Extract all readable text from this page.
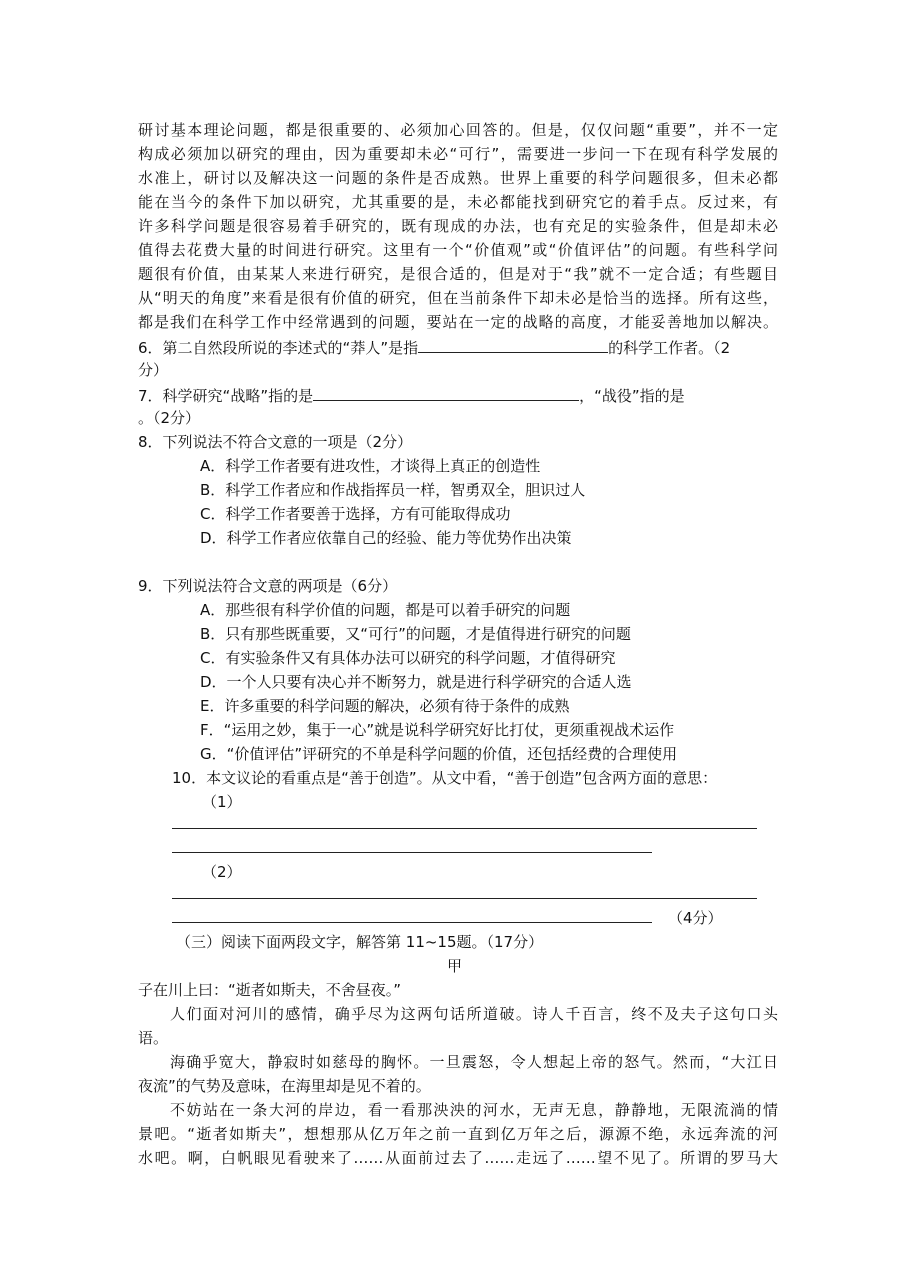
研讨基本理论问题，都是很重要的、必须加心回答的。但是，仅仅问题“重要”，并不一定
构成必须加以研究的理由，因为重要却未必“可行”，需要进一步问一下在现有科学发展的
水准上，研讨以及解决这一问题的条件是否成熟。世界上重要的科学问题很多，但未必都
能在当今的条件下加以研究，尤其重要的是，未必都能找到研究它的着手点。反过来，有
许多科学问题是很容易着手研究的，既有现成的办法，也有充足的实验条件，但是却未必
值得去花费大量的时间进行研究。这里有一个“价值观”或“价值评估”的问题。有些科学问
题很有价值，由某某人来进行研究，是很合适的，但是对于“我”就不一定合适；有些题目
从“明天的角度”来看是很有价值的研究，但在当前条件下却未必是恰当的选择。所有这些，
都是我们在科学工作中经常遇到的问题，要站在一定的战略的高度，才能妥善地加以解决。
6．第二自然段所说的李述式的“莽人”是指	的科学工作者。（2
分）
7．科学研究“战略”指的是	，“战役”指的是
。（2分）
8．下列说法不符合文意的一项是（2分）
A．科学工作者要有进攻性，才谈得上真正的创造性
B．科学工作者应和作战指挥员一样，智勇双全，胆识过人
C．科学工作者要善于选择，方有可能取得成功
D．科学工作者应依靠自己的经验、能力等优势作出决策
9．下列说法符合文意的两项是（6分）
A．那些很有科学价值的问题，都是可以着手研究的问题
B．只有那些既重要，又“可行”的问题，才是值得进行研究的问题
C．有实验条件又有具体办法可以研究的科学问题，才值得研究
D．一个人只要有决心并不断努力，就是进行科学研究的合适人选
E．许多重要的科学问题的解决，必须有待于条件的成熟
F．“运用之妙，集于一心”就是说科学研究好比打仗，更须重视战术运作
G．“价值评估”评研究的不单是科学问题的价值，还包括经费的合理使用
10．本文议论的看重点是“善于创造”。从文中看，“善于创造”包含两方面的意思：
（1）
（2）
（4分）
（三）阅读下面两段文字，解答第 11~15题。（17分）
甲
子在川上曰：“逝者如斯夫，不舍昼夜。”
人们面对河川的感情，确乎尽为这两句话所道破。诗人千百言，终不及夫子这句口头
语。
海确乎宽大，静寂时如慈母的胸怀。一旦震怒，令人想起上帝的怒气。然而，“大江日
夜流”的气势及意味，在海里却是见不着的。
不妨站在一条大河的岸边，看一看那泱泱的河水，无声无息，静静地，无限流淌的情
景吧。“逝者如斯夫”，想想那从亿万年之前一直到亿万年之后，源源不绝，永远奔流的河
水吧。啊，白帆眼见看驶来了……从面前过去了……走远了……望不见了。所谓的罗马大
